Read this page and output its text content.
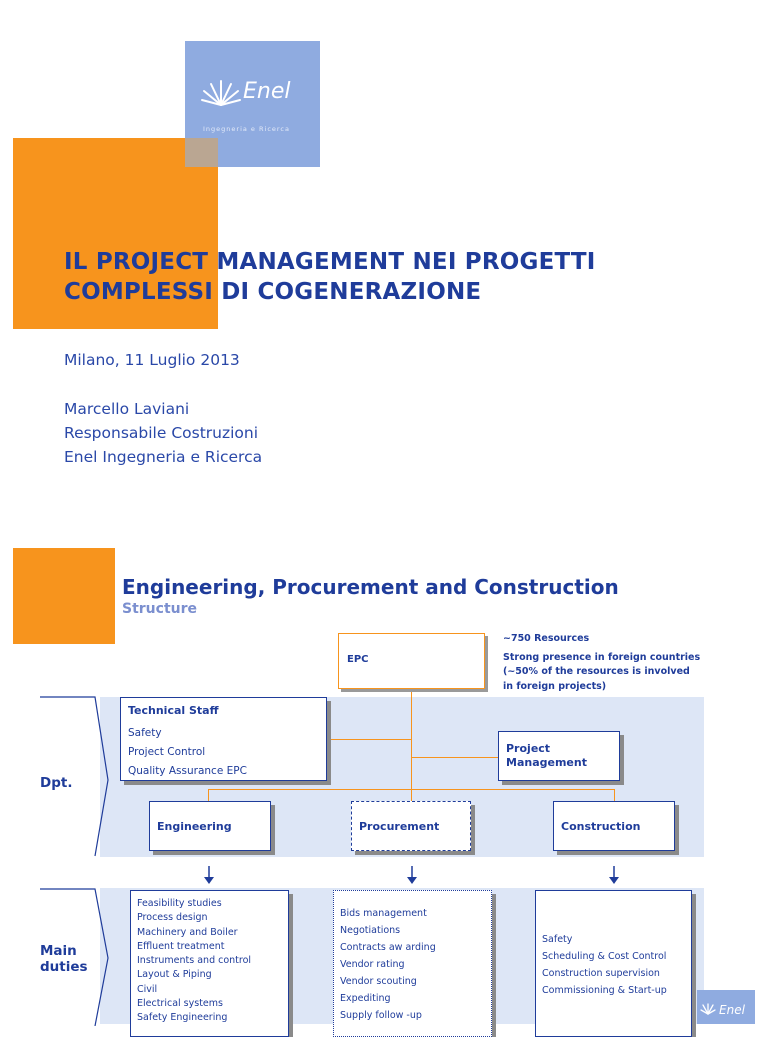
Enel
Ingegneria e Ricerca
IL PROJECT MANAGEMENT NEI PROGETTI
COMPLESSI DI COGENERAZIONE
Milano, 11 Luglio 2013
Marcello Laviani
Responsabile Costruzioni
Enel Ingegneria e Ricerca
Engineering, Procurement and Construction
Structure
Dpt.
Main
duties
EPC
~750 Resources
Strong presence in foreign countries
(~50% of the resources is involved
in foreign projects)
Technical Staff
Safety
Project Control
Quality Assurance EPC
Project
Management
Engineering	Procurement	Construction
Feasibility studies
Process design
Machinery and Boiler
Effluent treatment
Instruments and control
Layout & Piping
Civil
Electrical systems
Safety Engineering
Bids management
Negotiations
Contracts aw arding
Vendor rating
Vendor scouting
Expediting
Supply follow -up
Safety
Scheduling & Cost Control
Construction supervision
Commissioning & Start-up
Enel
